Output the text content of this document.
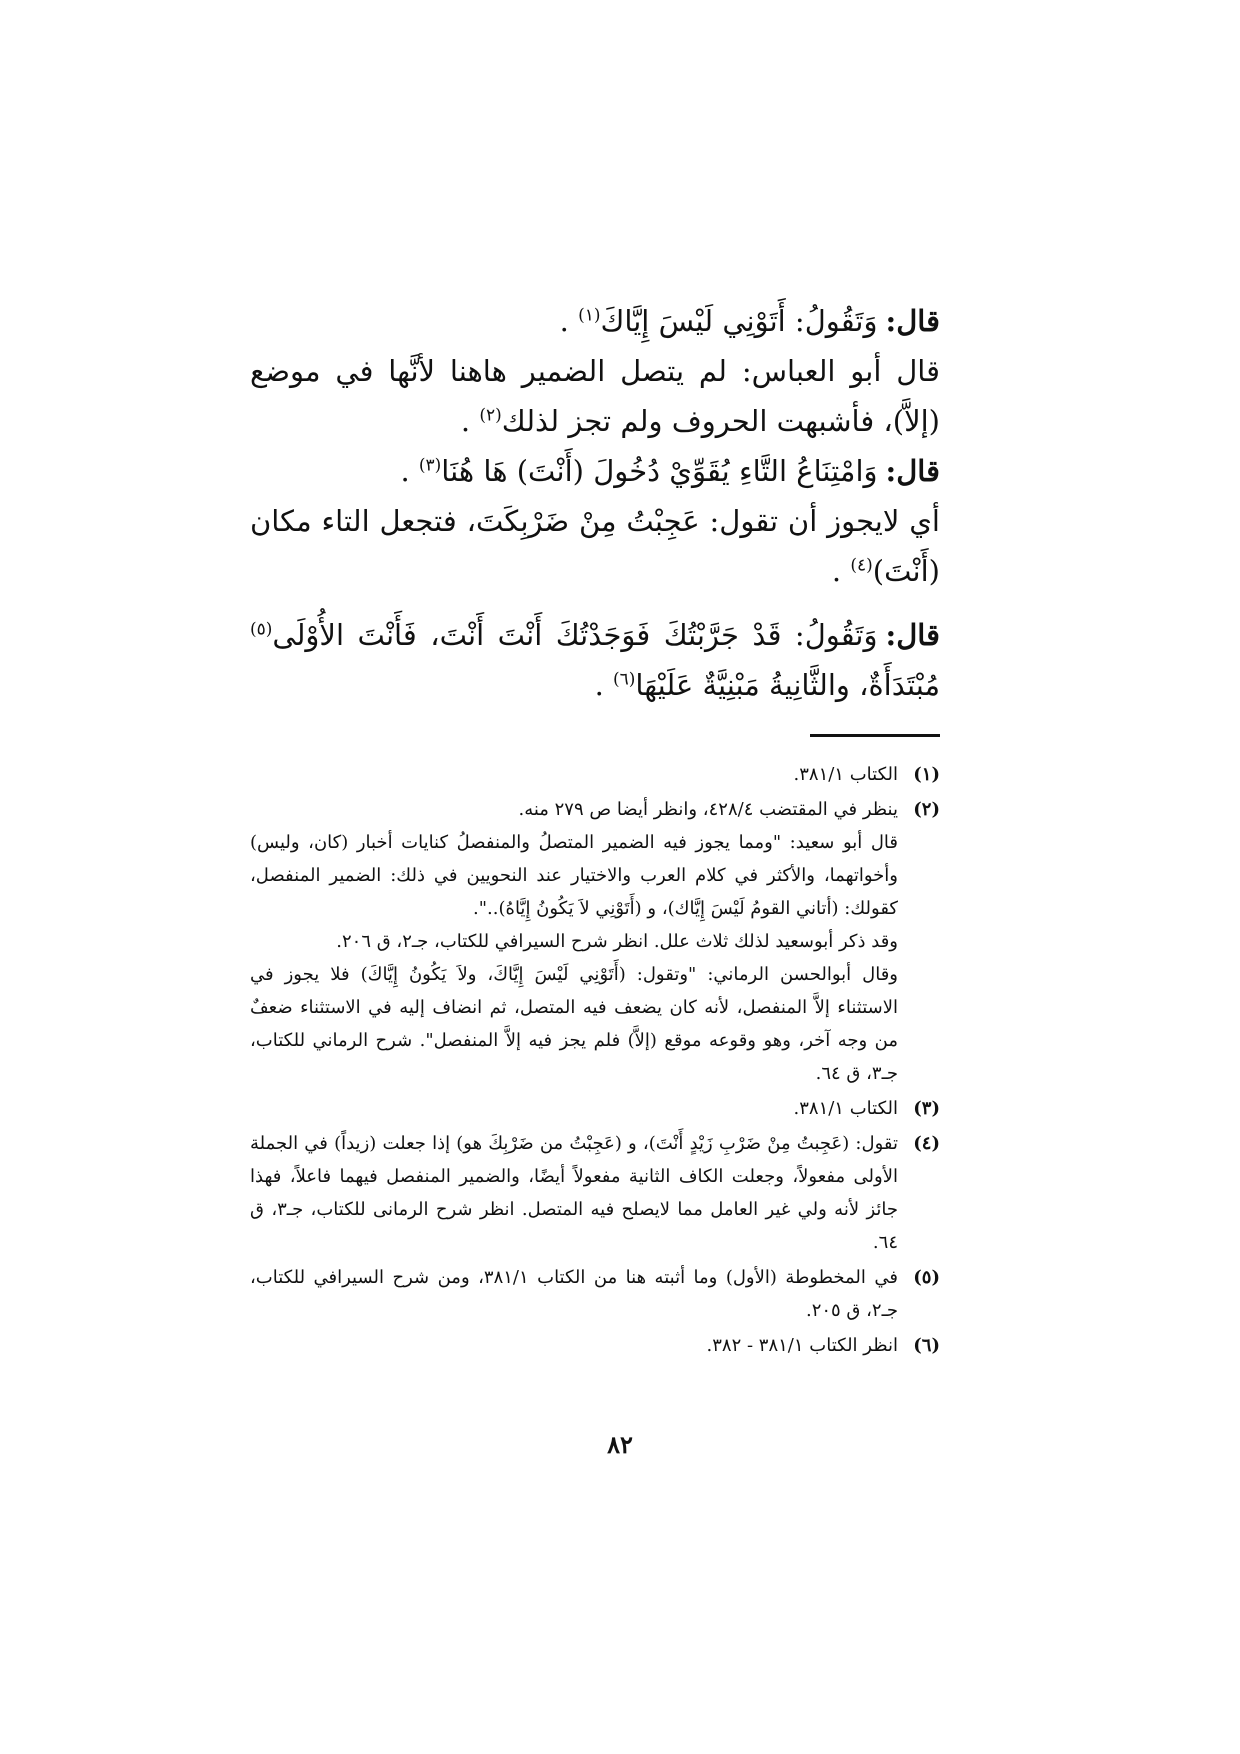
قال:وَتَقُولُ: أَتَوْنِي لَيْسَ إِيَّاكَ$^{(١)}$ .

قال أبو العباس: لم يتصل الضمير هاهنا لأنَّها في موضع (إلاَّ)، فأشبهت الحروف ولم تجز لذلك$^{(٢)}$ .

قال:وَامْتِنَاعُ التَّاءِ يُقَوِّيْ دُخُولَ (أَنْتَ) هَا هُنَا$^{(٣)}$ .

أي لايجوز أن تقول: عَجِبْتُ مِنْ ضَرْبِكَتَ، فتجعل التاء مكان (أَنْتَ)$^{(٤)}$ .

قال:وَتَقُولُ: قَدْ جَرَّبْتُكَ فَوَجَدْتُكَ أَنْتَ أَنْتَ، فَأَنْتَ الأُوْلَى$^{(٥)}$ مُبْتَدَأَةٌ، والثَّانِيةُ مَبْنِيَّةٌ عَلَيْهَا$^{(٦)}$ .

(١)

الكتاب ٣٨١/١.

(٢)

ينظر في المقتضب ٤٢٨/٤، وانظر أيضا ص ٢٧٩ منه.

قال أبو سعيد: "ومما يجوز فيه الضمير المتصلُ والمنفصلُ كنايات أخبار (كان، وليس) وأخواتهما، والأكثر في كلام العرب والاختيار عند النحويين في ذلك: الضمير المنفصل، كقولك: (أتاني القومُ لَيْسَ إِيَّاك)، و (أَتَوْنِي لاَ يَكُونُ إِيَّاهُ)..".

وقد ذكر أبوسعيد لذلك ثلاث علل. انظر شرح السيرافي للكتاب، جـ٢، ق ٢٠٦.

وقال أبوالحسن الرماني: "وتقول: (أَتَوْنِي لَيْسَ إِيَّاكَ، ولاَ يَكُونُ إِيَّاكَ) فلا يجوز في الاستثناء إلاَّ المنفصل، لأنه كان يضعف فيه المتصل، ثم انضاف إليه في الاستثناء ضعفٌ من وجه آخر، وهو وقوعه موقع (إلاَّ) فلم يجز فيه إلاَّ المنفصل". شرح الرماني للكتاب، جـ٣، ق ٦٤.

(٣)

الكتاب ٣٨١/١.

(٤)

تقول: (عَجِبتُ مِنْ ضَرْبِ زَيْدٍ أَنْتَ)، و (عَجِبْتُ من ضَرْبِكَ هو) إذا جعلت (زيداً) في الجملة الأولى مفعولاً، وجعلت الكاف الثانية مفعولاً أيضًا، والضمير المنفصل فيهما فاعلاً، فهذا جائز لأنه ولي غير العامل مما لايصلح فيه المتصل. انظر شرح الرمانى للكتاب، جـ٣، ق ٦٤.

(٥)

في المخطوطة (الأول) وما أثبته هنا من الكتاب ٣٨١/١، ومن شرح السيرافي للكتاب، جـ٢، ق ٢٠٥.

(٦)

انظر الكتاب ٣٨١/١ - ٣٨٢.

٨٢
